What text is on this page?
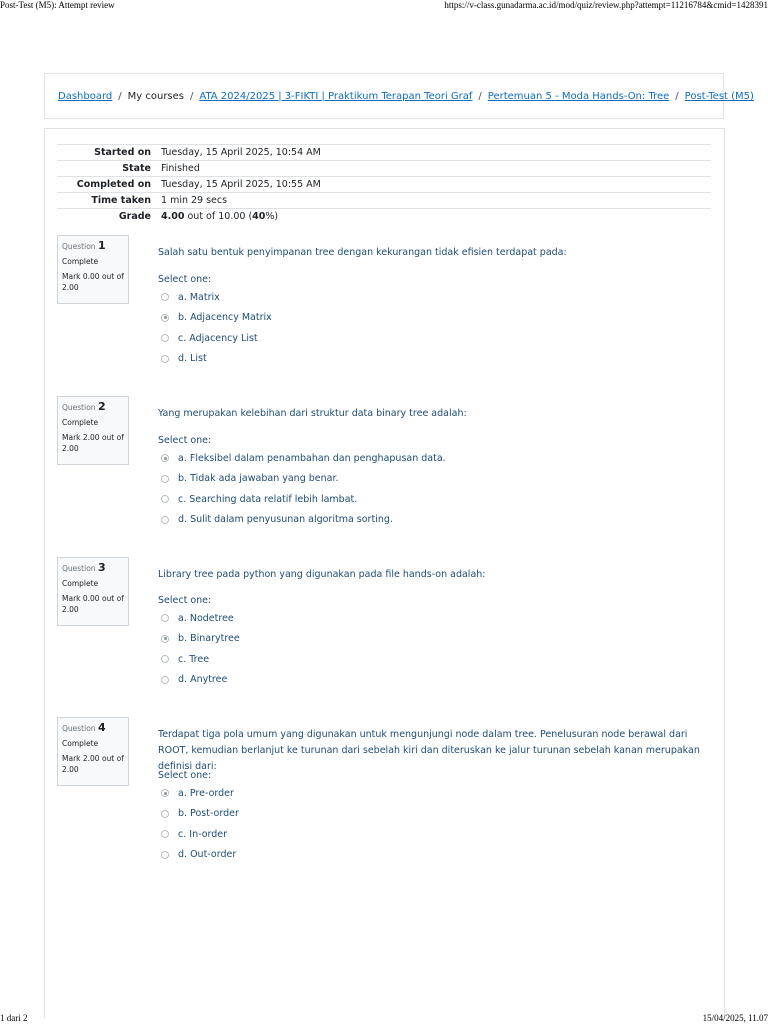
Post-Test (M5): Attempt review	https://v-class.gunadarma.ac.id/mod/quiz/review.php?attempt=11216784&cmid=1428391
Dashboard / My courses / ATA 2024/2025 | 3-FIKTI | Praktikum Terapan Teori Graf / Pertemuan 5 - Moda Hands-On: Tree / Post-Test (M5)
Started on	Tuesday, 15 April 2025, 10:54 AM
State	Finished
Completed on	Tuesday, 15 April 2025, 10:55 AM
Time taken	1 min 29 secs
Grade	4.00 out of 10.00 (40%)
Question 1
Complete
Mark 0.00 out of 2.00
Salah satu bentuk penyimpanan tree dengan kekurangan tidak efisien terdapat pada:
Select one:
a. Matrix
b. Adjacency Matrix
c. Adjacency List
d. List
Question 2
Complete
Mark 2.00 out of 2.00
Yang merupakan kelebihan dari struktur data binary tree adalah:
Select one:
a. Fleksibel dalam penambahan dan penghapusan data.
b. Tidak ada jawaban yang benar.
c. Searching data relatif lebih lambat.
d. Sulit dalam penyusunan algoritma sorting.
Question 3
Complete
Mark 0.00 out of 2.00
Library tree pada python yang digunakan pada file hands-on adalah:
Select one:
a. Nodetree
b. Binarytree
c. Tree
d. Anytree
Question 4
Complete
Mark 2.00 out of 2.00
Terdapat tiga pola umum yang digunakan untuk mengunjungi node dalam tree. Penelusuran node berawal dari ROOT, kemudian berlanjut ke turunan dari sebelah kiri dan diteruskan ke jalur turunan sebelah kanan merupakan definisi dari:
Select one:
a. Pre-order
b. Post-order
c. In-order
d. Out-order
1 dari 2	15/04/2025, 11.07
